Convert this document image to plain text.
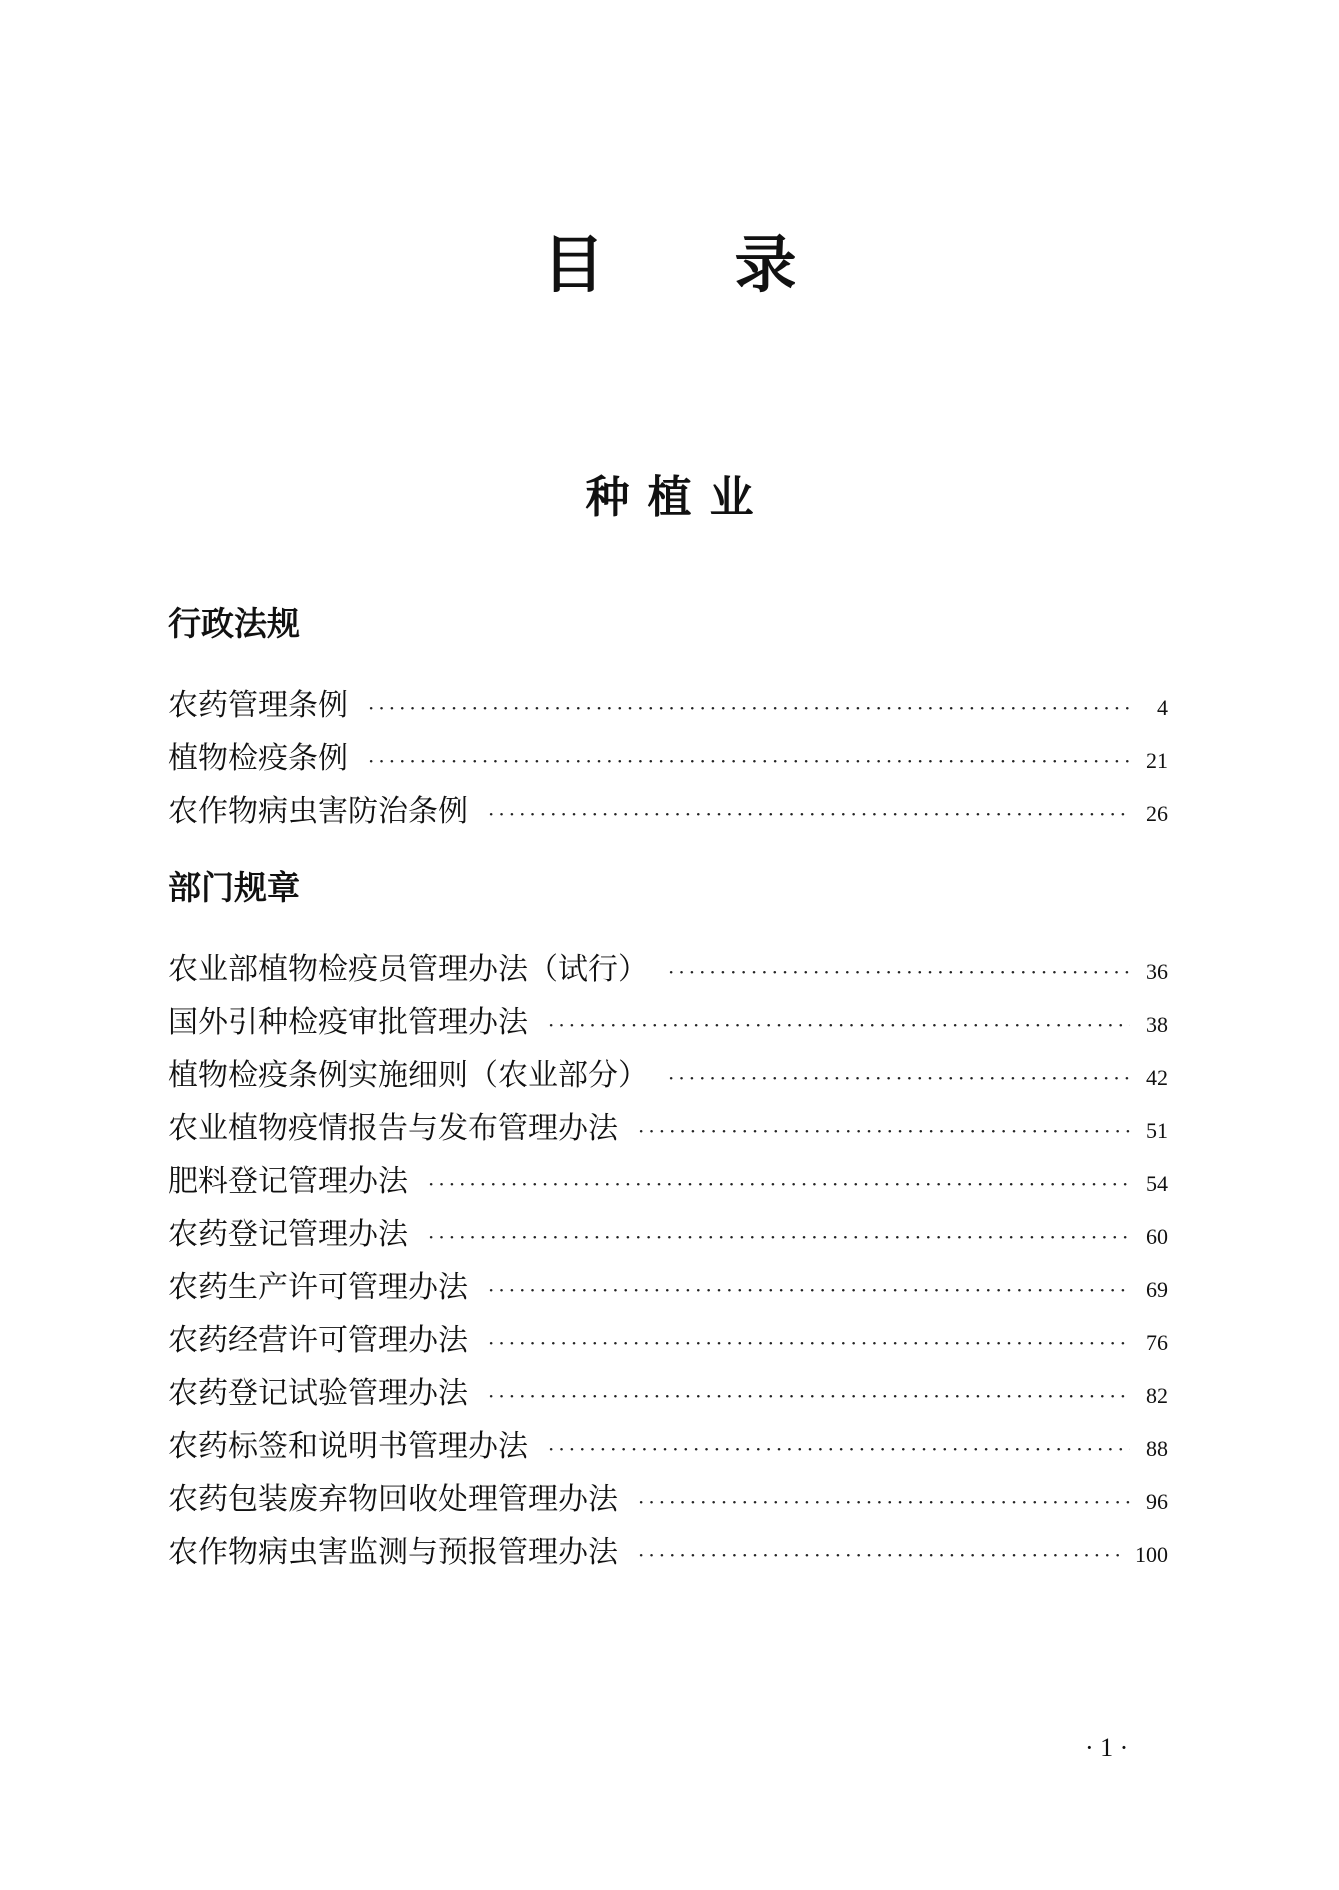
目 录
种植业
行政法规
农药管理条例 ·····	4
植物检疫条例 ·····	21
农作物病虫害防治条例 ·····	26
部门规章
农业部植物检疫员管理办法（试行） ·····	36
国外引种检疫审批管理办法 ·····	38
植物检疫条例实施细则（农业部分） ·····	42
农业植物疫情报告与发布管理办法 ·····	51
肥料登记管理办法 ·····	54
农药登记管理办法 ·····	60
农药生产许可管理办法 ·····	69
农药经营许可管理办法 ·····	76
农药登记试验管理办法 ·····	82
农药标签和说明书管理办法 ·····	88
农药包装废弃物回收处理管理办法 ·····	96
农作物病虫害监测与预报管理办法 ·····	100
· 1 ·
